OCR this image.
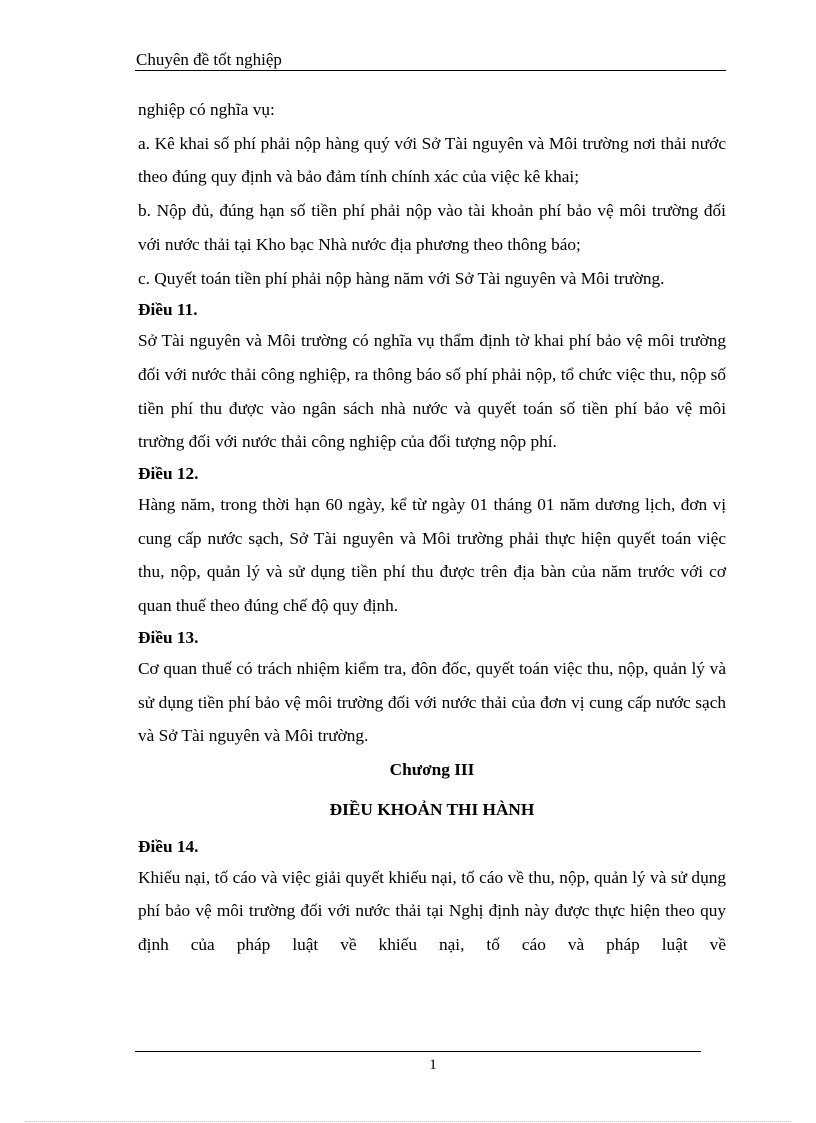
Chuyên đề tốt nghiệp

nghiệp có nghĩa vụ:

a. Kê khai số phí phải nộp hàng quý với Sở Tài nguyên và Môi trường nơi thải nước theo đúng quy định và bảo đảm tính chính xác của việc kê khai;

b. Nộp đủ, đúng hạn số tiền phí phải nộp vào tài khoản phí bảo vệ môi trường đối với nước thải tại Kho bạc Nhà nước địa phương theo thông báo;

c. Quyết toán tiền phí phải nộp hàng năm với Sở Tài nguyên và Môi trường.

Điều 11.

Sở Tài nguyên và Môi trường có nghĩa vụ thẩm định tờ khai phí bảo vệ môi trường đối với nước thải công nghiệp, ra thông báo số phí phải nộp, tổ chức việc thu, nộp số tiền phí thu được vào ngân sách nhà nước và quyết toán số tiền phí bảo vệ môi trường đối với nước thải công nghiệp của đối tượng nộp phí.

Điều 12.

Hàng năm, trong thời hạn 60 ngày, kể từ ngày 01 tháng 01 năm dương lịch, đơn vị cung cấp nước sạch, Sở Tài nguyên và Môi trường phải thực hiện quyết toán việc thu, nộp, quản lý và sử dụng tiền phí thu được trên địa bàn của năm trước với cơ quan thuế theo đúng chế độ quy định.

Điều 13.

Cơ quan thuế có trách nhiệm kiểm tra, đôn đốc, quyết toán việc thu, nộp, quản lý và sử dụng tiền phí bảo vệ môi trường đối với nước thải của đơn vị cung cấp nước sạch và Sở Tài nguyên và Môi trường.

Chương III

ĐIỀU KHOẢN THI HÀNH

Điều 14.

Khiếu nại, tố cáo và việc giải quyết khiếu nại, tố cáo về thu, nộp, quản lý và sử dụng phí bảo vệ môi trường đối với nước thải tại Nghị định này được thực hiện theo quy định của pháp luật về khiếu nại, tố cáo và pháp luật về

1
